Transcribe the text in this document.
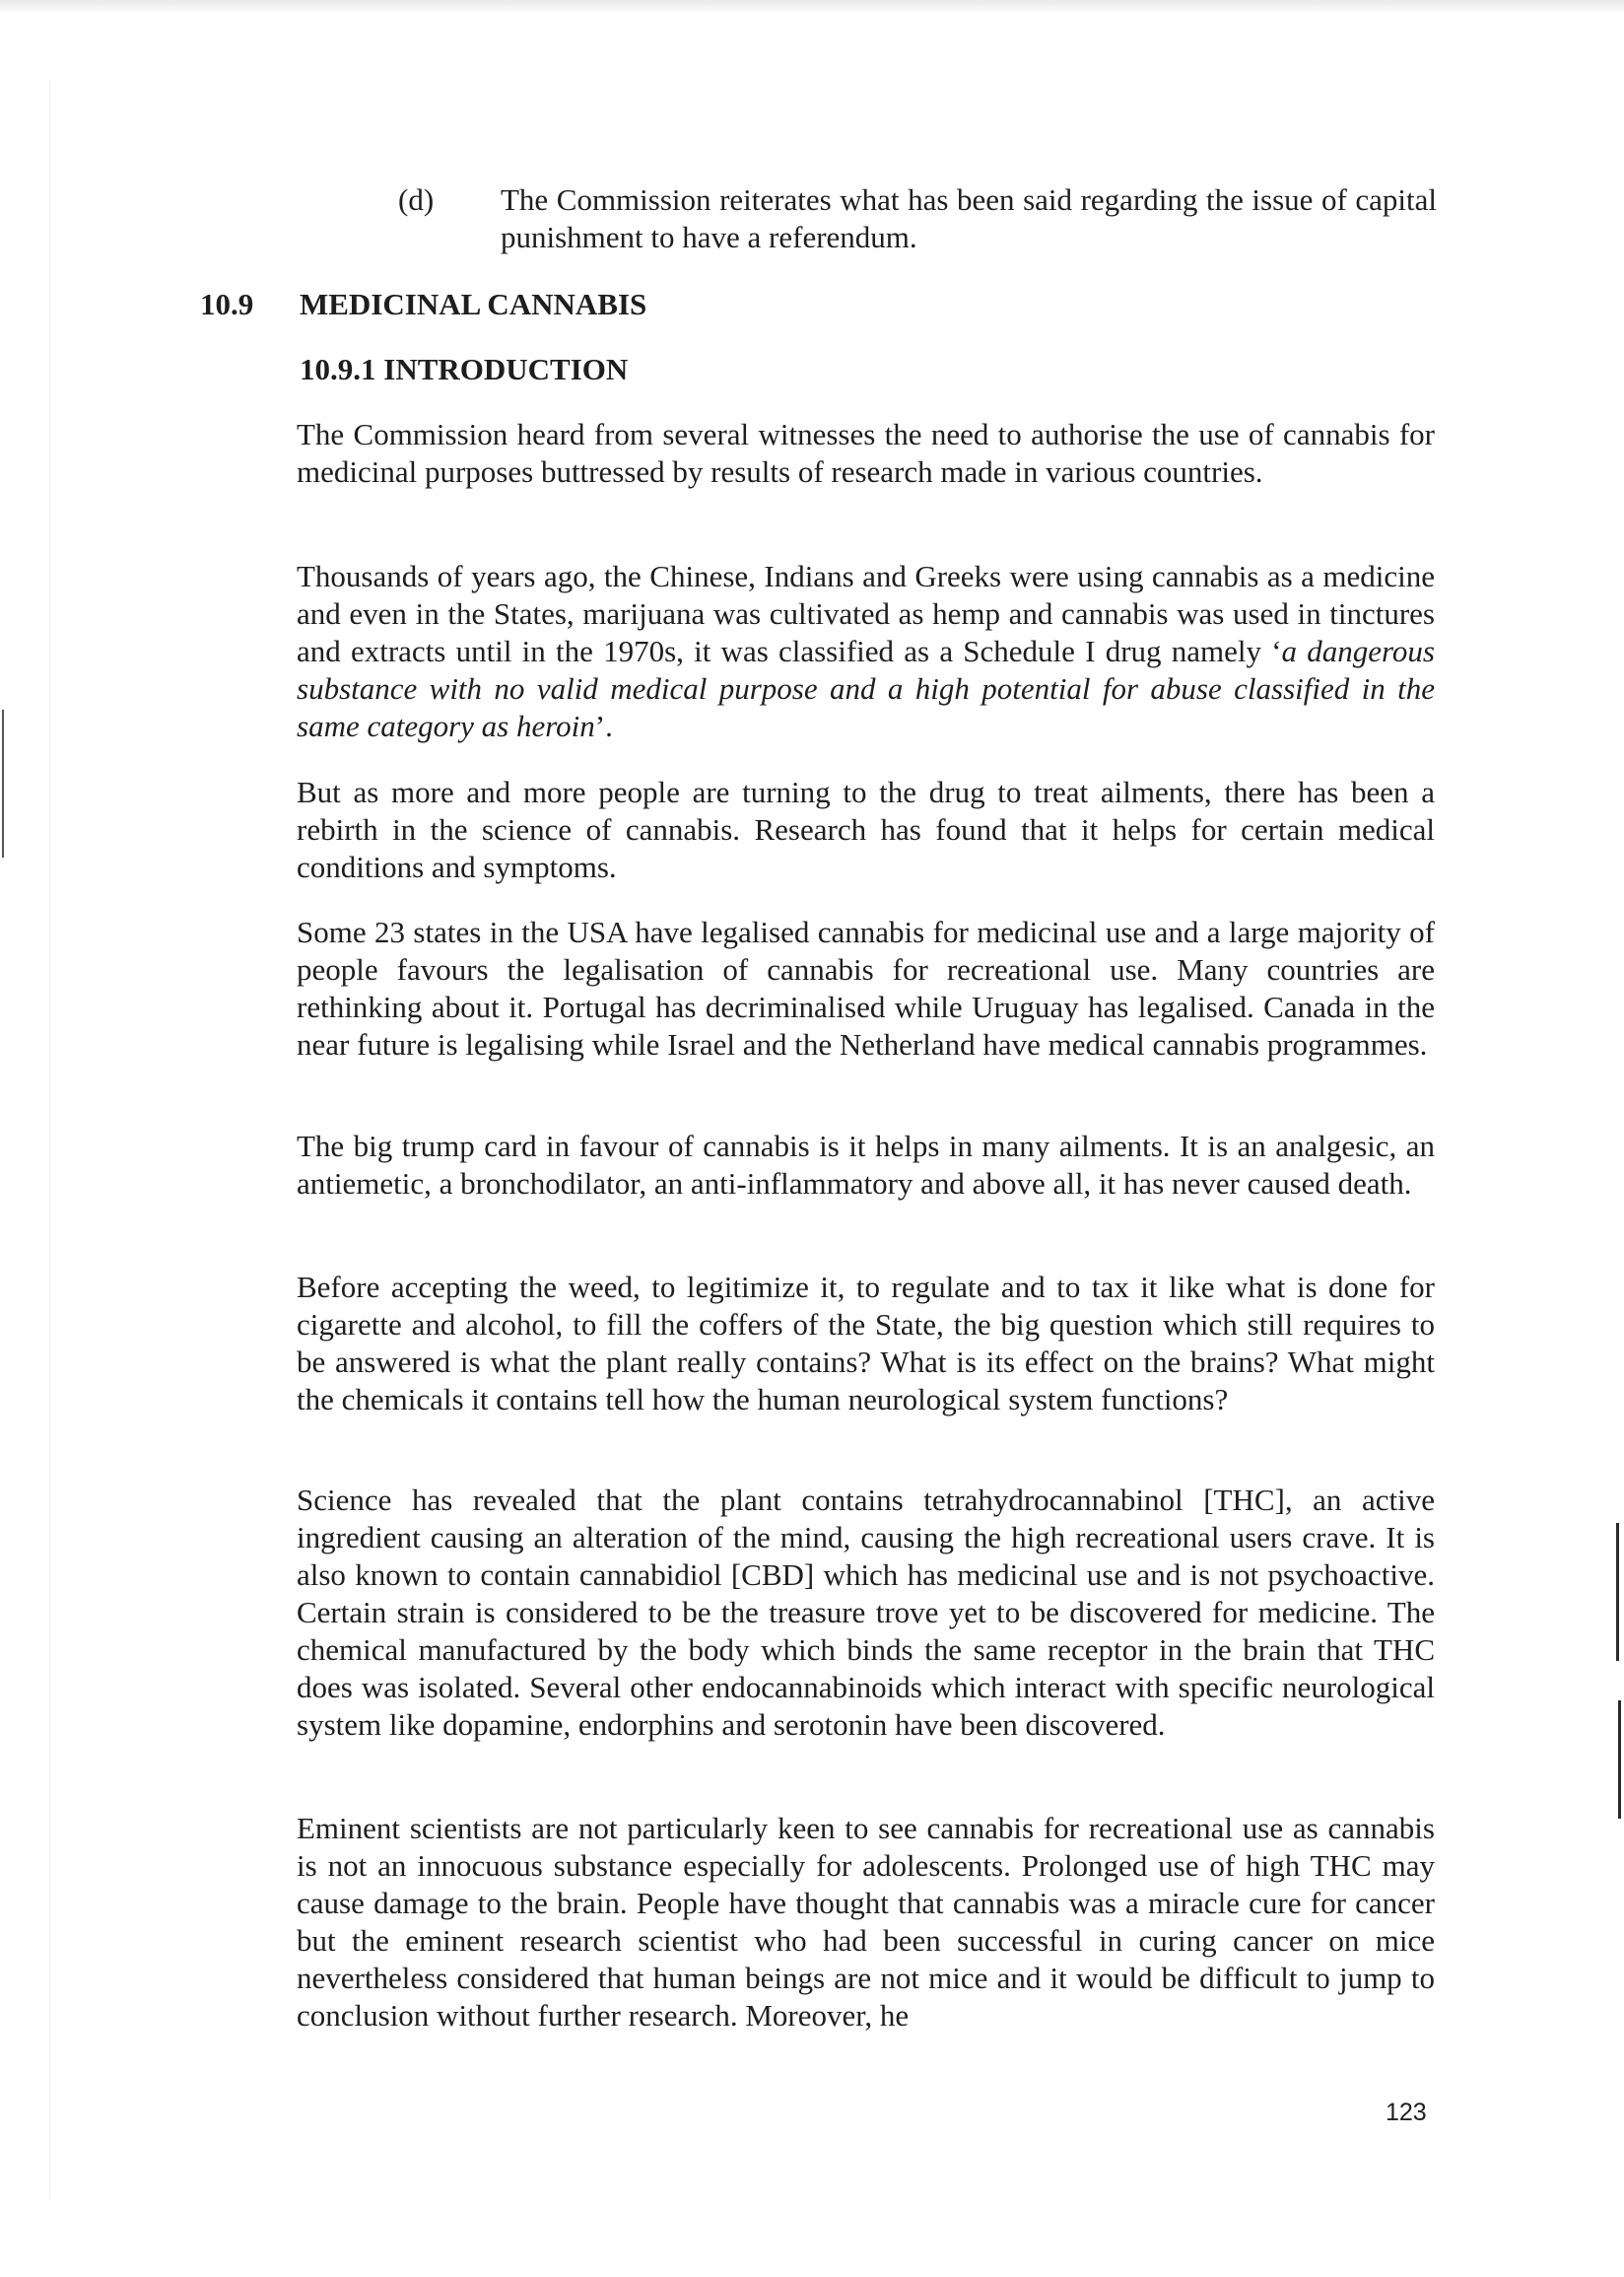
(d) The Commission reiterates what has been said regarding the issue of capital punishment to have a referendum.

10.9 MEDICINAL CANNABIS
10.9.1 INTRODUCTION

The Commission heard from several witnesses the need to authorise the use of cannabis for medicinal purposes buttressed by results of research made in various countries.

Thousands of years ago, the Chinese, Indians and Greeks were using cannabis as a medicine and even in the States, marijuana was cultivated as hemp and cannabis was used in tinctures and extracts until in the 1970s, it was classified as a Schedule I drug namely ‘a dangerous substance with no valid medical purpose and a high potential for abuse classified in the same category as heroin’.

But as more and more people are turning to the drug to treat ailments, there has been a rebirth in the science of cannabis. Research has found that it helps for certain medical conditions and symptoms.

Some 23 states in the USA have legalised cannabis for medicinal use and a large majority of people favours the legalisation of cannabis for recreational use. Many countries are rethinking about it. Portugal has decriminalised while Uruguay has legalised. Canada in the near future is legalising while Israel and the Netherland have medical cannabis programmes.

The big trump card in favour of cannabis is it helps in many ailments. It is an analgesic, an antiemetic, a bronchodilator, an anti-inflammatory and above all, it has never caused death.

Before accepting the weed, to legitimize it, to regulate and to tax it like what is done for cigarette and alcohol, to fill the coffers of the State, the big question which still requires to be answered is what the plant really contains? What is its effect on the brains? What might the chemicals it contains tell how the human neurological system functions?

Science has revealed that the plant contains tetrahydrocannabinol [THC], an active ingredient causing an alteration of the mind, causing the high recreational users crave. It is also known to contain cannabidiol [CBD] which has medicinal use and is not psychoactive. Certain strain is considered to be the treasure trove yet to be discovered for medicine. The chemical manufactured by the body which binds the same receptor in the brain that THC does was isolated. Several other endocannabinoids which interact with specific neurological system like dopamine, endorphins and serotonin have been discovered.

Eminent scientists are not particularly keen to see cannabis for recreational use as cannabis is not an innocuous substance especially for adolescents. Prolonged use of high THC may cause damage to the brain. People have thought that cannabis was a miracle cure for cancer but the eminent research scientist who had been successful in curing cancer on mice nevertheless considered that human beings are not mice and it would be difficult to jump to conclusion without further research. Moreover, he

123
